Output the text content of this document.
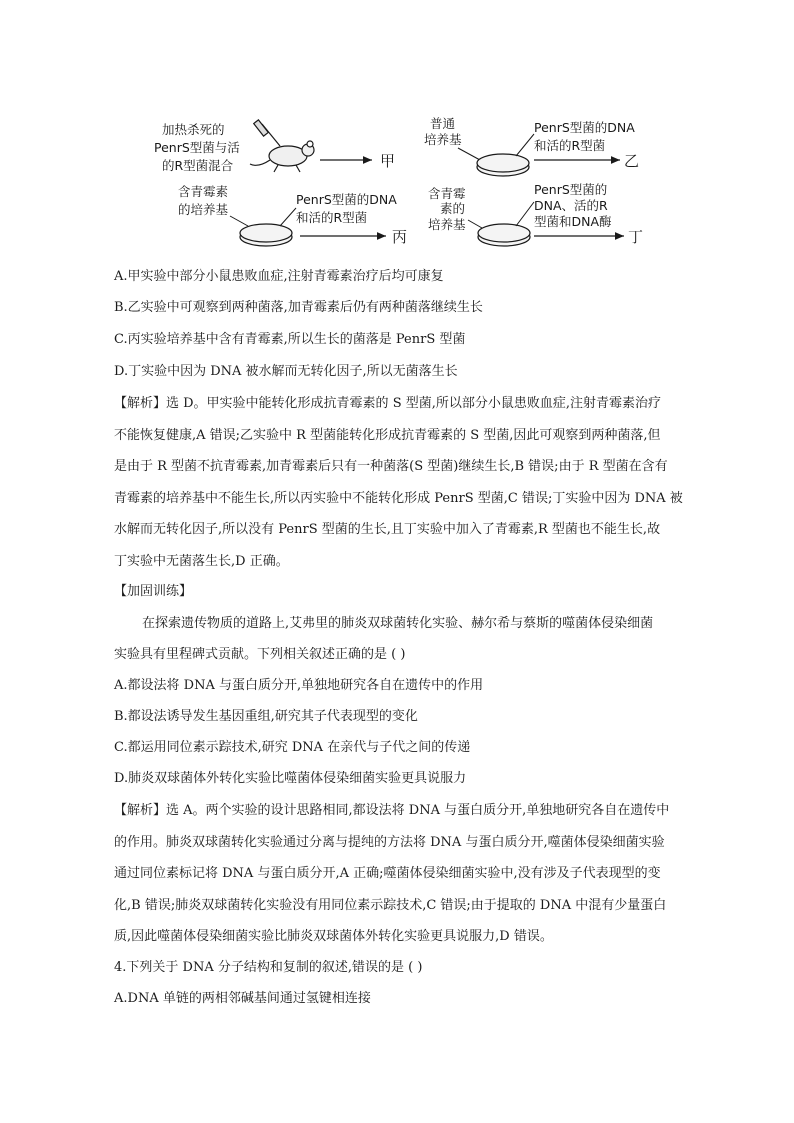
加热杀死的
PenrS型菌与活
的R型菌混合	甲
普通
培养基
PenrS型菌的DNA
和活的R型菌
乙
含青霉素
的培养基
PenrS型菌的DNA
和活的R型菌
丙
含青霉
素的
培养基
PenrS型菌的
DNA、活的R
型菌和DNA酶
丁
A.甲实验中部分小鼠患败血症,注射青霉素治疗后均可康复
B.乙实验中可观察到两种菌落,加青霉素后仍有两种菌落继续生长
C.丙实验培养基中含有青霉素,所以生长的菌落是 PenrS 型菌
D.丁实验中因为 DNA 被水解而无转化因子,所以无菌落生长
【解析】选 D。甲实验中能转化形成抗青霉素的 S 型菌,所以部分小鼠患败血症,注射青霉素治疗
不能恢复健康,A 错误;乙实验中 R 型菌能转化形成抗青霉素的 S 型菌,因此可观察到两种菌落,但
是由于 R 型菌不抗青霉素,加青霉素后只有一种菌落(S 型菌)继续生长,B 错误;由于 R 型菌在含有
青霉素的培养基中不能生长,所以丙实验中不能转化形成 PenrS 型菌,C 错误;丁实验中因为 DNA 被
水解而无转化因子,所以没有 PenrS 型菌的生长,且丁实验中加入了青霉素,R 型菌也不能生长,故
丁实验中无菌落生长,D 正确。
【加固训练】
在探索遗传物质的道路上,艾弗里的肺炎双球菌转化实验、赫尔希与蔡斯的噬菌体侵染细菌
实验具有里程碑式贡献。下列相关叙述正确的是 ( )
A.都设法将 DNA 与蛋白质分开,单独地研究各自在遗传中的作用
B.都设法诱导发生基因重组,研究其子代表现型的变化
C.都运用同位素示踪技术,研究 DNA 在亲代与子代之间的传递
D.肺炎双球菌体外转化实验比噬菌体侵染细菌实验更具说服力
【解析】选 A。两个实验的设计思路相同,都设法将 DNA 与蛋白质分开,单独地研究各自在遗传中
的作用。肺炎双球菌转化实验通过分离与提纯的方法将 DNA 与蛋白质分开,噬菌体侵染细菌实验
通过同位素标记将 DNA 与蛋白质分开,A 正确;噬菌体侵染细菌实验中,没有涉及子代表现型的变
化,B 错误;肺炎双球菌转化实验没有用同位素示踪技术,C 错误;由于提取的 DNA 中混有少量蛋白
质,因此噬菌体侵染细菌实验比肺炎双球菌体外转化实验更具说服力,D 错误。
4.下列关于 DNA 分子结构和复制的叙述,错误的是 ( )
A.DNA 单链的两相邻碱基间通过氢键相连接
